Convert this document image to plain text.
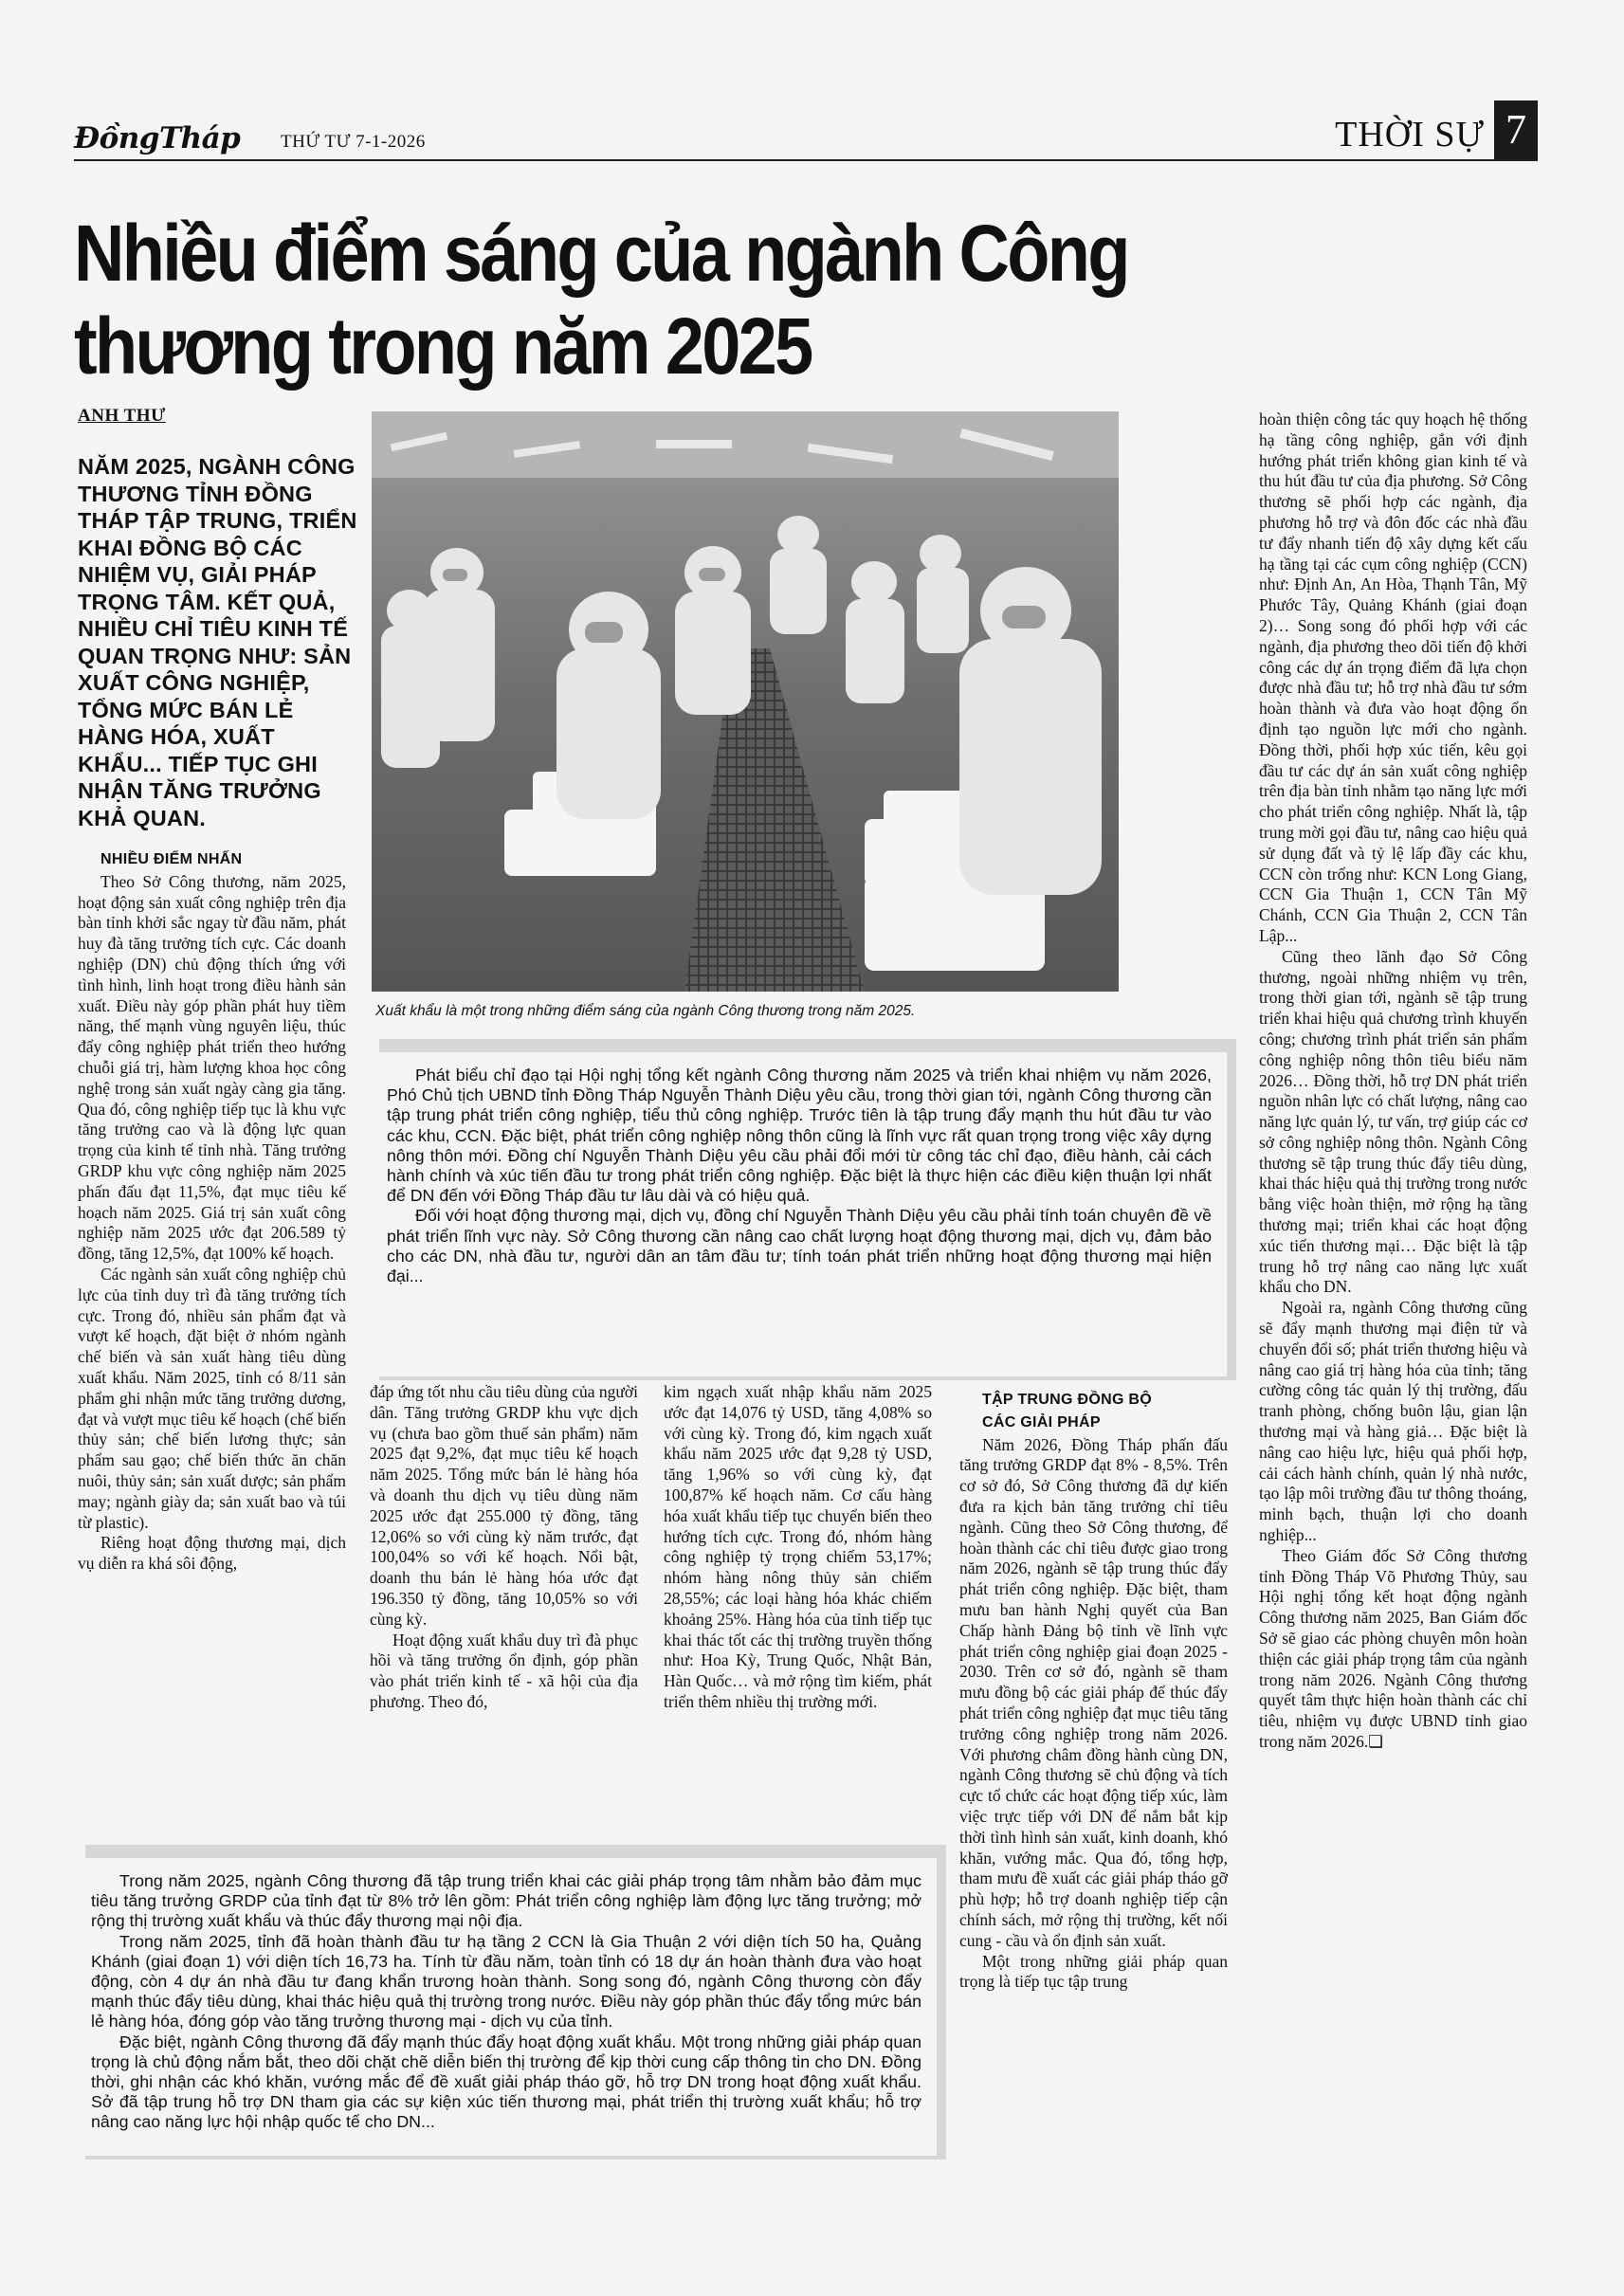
ĐồngTháp THỨ TƯ 7-1-2026	THỜI SỰ 7
Nhiều điểm sáng của ngành Công thương trong năm 2025
ANH THƯ

NĂM 2025, NGÀNH CÔNG THƯƠNG TỈNH ĐỒNG THÁP TẬP TRUNG, TRIỂN KHAI ĐỒNG BỘ CÁC NHIỆM VỤ, GIẢI PHÁP TRỌNG TÂM. KẾT QUẢ, NHIỀU CHỈ TIÊU KINH TẾ QUAN TRỌNG NHƯ: SẢN XUẤT CÔNG NGHIỆP, TỔNG MỨC BÁN LẺ HÀNG HÓA, XUẤT KHẨU... TIẾP TỤC GHI NHẬN TĂNG TRƯỞNG KHẢ QUAN.

NHIỀU ĐIỂM NHẤN

Theo Sở Công thương, năm 2025, hoạt động sản xuất công nghiệp trên địa bàn tỉnh khởi sắc ngay từ đầu năm, phát huy đà tăng trưởng tích cực. Các doanh nghiệp (DN) chủ động thích ứng với tình hình, linh hoạt trong điều hành sản xuất. Điều này góp phần phát huy tiềm năng, thế mạnh vùng nguyên liệu, thúc đẩy công nghiệp phát triển theo hướng chuỗi giá trị, hàm lượng khoa học công nghệ trong sản xuất ngày càng gia tăng. Qua đó, công nghiệp tiếp tục là khu vực tăng trưởng cao và là động lực quan trọng của kinh tế tỉnh nhà. Tăng trưởng GRDP khu vực công nghiệp năm 2025 phấn đấu đạt 11,5%, đạt mục tiêu kế hoạch năm 2025. Giá trị sản xuất công nghiệp năm 2025 ước đạt 206.589 tỷ đồng, tăng 12,5%, đạt 100% kế hoạch.

Các ngành sản xuất công nghiệp chủ lực của tỉnh duy trì đà tăng trưởng tích cực. Trong đó, nhiều sản phẩm đạt và vượt kế hoạch, đặt biệt ở nhóm ngành chế biến và sản xuất hàng tiêu dùng xuất khẩu. Năm 2025, tỉnh có 8/11 sản phẩm ghi nhận mức tăng trưởng dương, đạt và vượt mục tiêu kế hoạch (chế biến thủy sản; chế biến lương thực; sản phẩm sau gạo; chế biến thức ăn chăn nuôi, thủy sản; sản xuất dược; sản phẩm may; ngành giày da; sản xuất bao và túi từ plastic).

Riêng hoạt động thương mại, dịch vụ diễn ra khá sôi động,

Xuất khẩu là một trong những điểm sáng của ngành Công thương trong năm 2025.

Phát biểu chỉ đạo tại Hội nghị tổng kết ngành Công thương năm 2025 và triển khai nhiệm vụ năm 2026, Phó Chủ tịch UBND tỉnh Đồng Tháp Nguyễn Thành Diệu yêu cầu, trong thời gian tới, ngành Công thương cần tập trung phát triển công nghiệp, tiểu thủ công nghiệp. Trước tiên là tập trung đẩy mạnh thu hút đầu tư vào các khu, CCN. Đặc biệt, phát triển công nghiệp nông thôn cũng là lĩnh vực rất quan trọng trong việc xây dựng nông thôn mới. Đồng chí Nguyễn Thành Diệu yêu cầu phải đổi mới từ công tác chỉ đạo, điều hành, cải cách hành chính và xúc tiến đầu tư trong phát triển công nghiệp. Đặc biệt là thực hiện các điều kiện thuận lợi nhất để DN đến với Đồng Tháp đầu tư lâu dài và có hiệu quả.

Đối với hoạt động thương mại, dịch vụ, đồng chí Nguyễn Thành Diệu yêu cầu phải tính toán chuyên đề về phát triển lĩnh vực này. Sở Công thương cần nâng cao chất lượng hoạt động thương mại, dịch vụ, đảm bảo cho các DN, nhà đầu tư, người dân an tâm đầu tư; tính toán phát triển những hoạt động thương mại hiện đại...

đáp ứng tốt nhu cầu tiêu dùng của người dân. Tăng trưởng GRDP khu vực dịch vụ (chưa bao gồm thuế sản phẩm) năm 2025 đạt 9,2%, đạt mục tiêu kế hoạch năm 2025. Tổng mức bán lẻ hàng hóa và doanh thu dịch vụ tiêu dùng năm 2025 ước đạt 255.000 tỷ đồng, tăng 12,06% so với cùng kỳ năm trước, đạt 100,04% so với kế hoạch. Nổi bật, doanh thu bán lẻ hàng hóa ước đạt 196.350 tỷ đồng, tăng 10,05% so với cùng kỳ.

Hoạt động xuất khẩu duy trì đà phục hồi và tăng trưởng ổn định, góp phần vào phát triển kinh tế - xã hội của địa phương. Theo đó,

kim ngạch xuất nhập khẩu năm 2025 ước đạt 14,076 tỷ USD, tăng 4,08% so với cùng kỳ. Trong đó, kim ngạch xuất khẩu năm 2025 ước đạt 9,28 tỷ USD, tăng 1,96% so với cùng kỳ, đạt 100,87% kế hoạch năm. Cơ cấu hàng hóa xuất khẩu tiếp tục chuyển biến theo hướng tích cực. Trong đó, nhóm hàng công nghiệp tỷ trọng chiếm 53,17%; nhóm hàng nông thủy sản chiếm 28,55%; các loại hàng hóa khác chiếm khoảng 25%. Hàng hóa của tỉnh tiếp tục khai thác tốt các thị trường truyền thống như: Hoa Kỳ, Trung Quốc, Nhật Bản, Hàn Quốc… và mở rộng tìm kiếm, phát triển thêm nhiều thị trường mới.

TẬP TRUNG ĐỒNG BỘ
CÁC GIẢI PHÁP

Năm 2026, Đồng Tháp phấn đấu tăng trưởng GRDP đạt 8% - 8,5%. Trên cơ sở đó, Sở Công thương đã dự kiến đưa ra kịch bản tăng trưởng chỉ tiêu ngành. Cũng theo Sở Công thương, để hoàn thành các chỉ tiêu được giao trong năm 2026, ngành sẽ tập trung thúc đẩy phát triển công nghiệp. Đặc biệt, tham mưu ban hành Nghị quyết của Ban Chấp hành Đảng bộ tỉnh về lĩnh vực phát triển công nghiệp giai đoạn 2025 - 2030. Trên cơ sở đó, ngành sẽ tham mưu đồng bộ các giải pháp để thúc đẩy phát triển công nghiệp đạt mục tiêu tăng trưởng công nghiệp trong năm 2026. Với phương châm đồng hành cùng DN, ngành Công thương sẽ chủ động và tích cực tổ chức các hoạt động tiếp xúc, làm việc trực tiếp với DN để nắm bắt kịp thời tình hình sản xuất, kinh doanh, khó khăn, vướng mắc. Qua đó, tổng hợp, tham mưu đề xuất các giải pháp tháo gỡ phù hợp; hỗ trợ doanh nghiệp tiếp cận chính sách, mở rộng thị trường, kết nối cung - cầu và ổn định sản xuất.

Một trong những giải pháp quan trọng là tiếp tục tập trung

Trong năm 2025, ngành Công thương đã tập trung triển khai các giải pháp trọng tâm nhằm bảo đảm mục tiêu tăng trưởng GRDP của tỉnh đạt từ 8% trở lên gồm: Phát triển công nghiệp làm động lực tăng trưởng; mở rộng thị trường xuất khẩu và thúc đẩy thương mại nội địa.

Trong năm 2025, tỉnh đã hoàn thành đầu tư hạ tầng 2 CCN là Gia Thuận 2 với diện tích 50 ha, Quảng Khánh (giai đoạn 1) với diện tích 16,73 ha. Tính từ đầu năm, toàn tỉnh có 18 dự án hoàn thành đưa vào hoạt động, còn 4 dự án nhà đầu tư đang khẩn trương hoàn thành. Song song đó, ngành Công thương còn đẩy mạnh thúc đẩy tiêu dùng, khai thác hiệu quả thị trường trong nước. Điều này góp phần thúc đẩy tổng mức bán lẻ hàng hóa, đóng góp vào tăng trưởng thương mại - dịch vụ của tỉnh.

Đặc biệt, ngành Công thương đã đẩy mạnh thúc đẩy hoạt động xuất khẩu. Một trong những giải pháp quan trọng là chủ động nắm bắt, theo dõi chặt chẽ diễn biến thị trường để kịp thời cung cấp thông tin cho DN. Đồng thời, ghi nhận các khó khăn, vướng mắc để đề xuất giải pháp tháo gỡ, hỗ trợ DN trong hoạt động xuất khẩu. Sở đã tập trung hỗ trợ DN tham gia các sự kiện xúc tiến thương mại, phát triển thị trường xuất khẩu; hỗ trợ nâng cao năng lực hội nhập quốc tế cho DN...

hoàn thiện công tác quy hoạch hệ thống hạ tầng công nghiệp, gắn với định hướng phát triển không gian kinh tế và thu hút đầu tư của địa phương. Sở Công thương sẽ phối hợp các ngành, địa phương hỗ trợ và đôn đốc các nhà đầu tư đẩy nhanh tiến độ xây dựng kết cấu hạ tầng tại các cụm công nghiệp (CCN) như: Định An, An Hòa, Thạnh Tân, Mỹ Phước Tây, Quảng Khánh (giai đoạn 2)… Song song đó phối hợp với các ngành, địa phương theo dõi tiến độ khởi công các dự án trọng điểm đã lựa chọn được nhà đầu tư; hỗ trợ nhà đầu tư sớm hoàn thành và đưa vào hoạt động ổn định tạo nguồn lực mới cho ngành. Đồng thời, phối hợp xúc tiến, kêu gọi đầu tư các dự án sản xuất công nghiệp trên địa bàn tỉnh nhằm tạo năng lực mới cho phát triển công nghiệp. Nhất là, tập trung mời gọi đầu tư, nâng cao hiệu quả sử dụng đất và tỷ lệ lấp đầy các khu, CCN còn trống như: KCN Long Giang, CCN Gia Thuận 1, CCN Tân Mỹ Chánh, CCN Gia Thuận 2, CCN Tân Lập...

Cũng theo lãnh đạo Sở Công thương, ngoài những nhiệm vụ trên, trong thời gian tới, ngành sẽ tập trung triển khai hiệu quả chương trình khuyến công; chương trình phát triển sản phẩm công nghiệp nông thôn tiêu biểu năm 2026… Đồng thời, hỗ trợ DN phát triển nguồn nhân lực có chất lượng, nâng cao năng lực quản lý, tư vấn, trợ giúp các cơ sở công nghiệp nông thôn. Ngành Công thương sẽ tập trung thúc đẩy tiêu dùng, khai thác hiệu quả thị trường trong nước bằng việc hoàn thiện, mở rộng hạ tầng thương mại; triển khai các hoạt động xúc tiến thương mại… Đặc biệt là tập trung hỗ trợ nâng cao năng lực xuất khẩu cho DN.

Ngoài ra, ngành Công thương cũng sẽ đẩy mạnh thương mại điện tử và chuyển đổi số; phát triển thương hiệu và nâng cao giá trị hàng hóa của tỉnh; tăng cường công tác quản lý thị trường, đấu tranh phòng, chống buôn lậu, gian lận thương mại và hàng giả… Đặc biệt là nâng cao hiệu lực, hiệu quả phối hợp, cải cách hành chính, quản lý nhà nước, tạo lập môi trường đầu tư thông thoáng, minh bạch, thuận lợi cho doanh nghiệp...

Theo Giám đốc Sở Công thương tỉnh Đồng Tháp Võ Phương Thủy, sau Hội nghị tổng kết hoạt động ngành Công thương năm 2025, Ban Giám đốc Sở sẽ giao các phòng chuyên môn hoàn thiện các giải pháp trọng tâm của ngành trong năm 2026. Ngành Công thương quyết tâm thực hiện hoàn thành các chỉ tiêu, nhiệm vụ được UBND tỉnh giao trong năm 2026.❑
